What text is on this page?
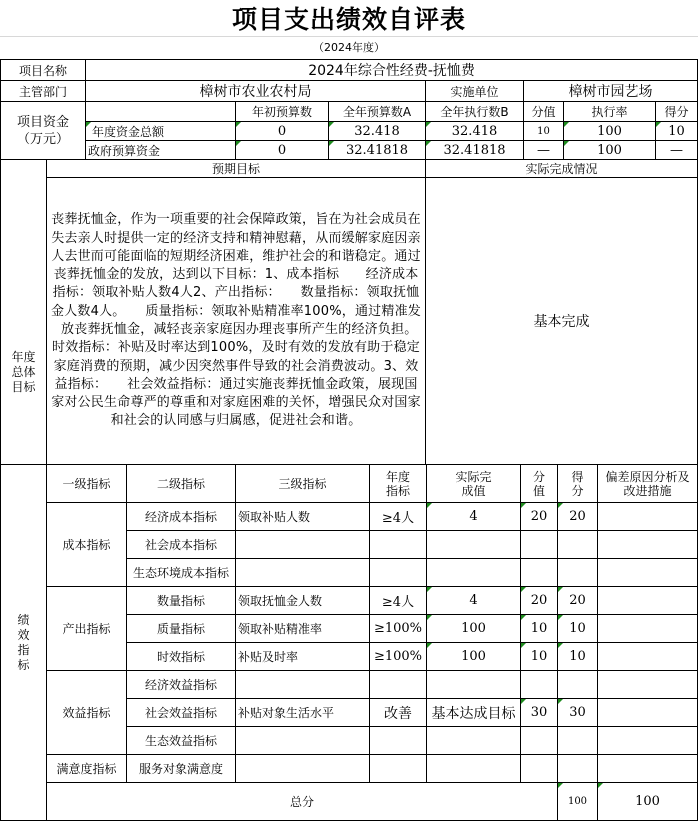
项目支出绩效自评表
（2024年度）
项目名称	2024年综合性经费-抚恤费
主管部门	樟树市农业农村局	实施单位	樟树市园艺场
项目资金（万元）		年初预算数	全年预算数A	全年执行数B	分值	执行率	得分
年度资金总额	0	32.418	32.418	10	100	10
政府预算资金	0	32.41818	32.41818	—	100	—
年度总体目标	预期目标	实际完成情况
丧葬抚恤金，作为一项重要的社会保障政策，旨在为社会成员在失去亲人时提供一定的经济支持和精神慰藉，从而缓解家庭因亲人去世而可能面临的短期经济困难，维护社会的和谐稳定。通过丧葬抚恤金的发放，达到以下目标：1、成本指标　　经济成本指标：领取补贴人数4人2、产出指标：　　数量指标：领取抚恤金人数4人。　　质量指标：领取补贴精准率100%，通过精准发放丧葬抚恤金，减轻丧亲家庭因办理丧事所产生的经济负担。　　时效指标：补贴及时率达到100%，及时有效的发放有助于稳定家庭消费的预期，减少因突然事件导致的社会消费波动。3、效益指标：　　社会效益指标：通过实施丧葬抚恤金政策，展现国家对公民生命尊严的尊重和对家庭困难的关怀，增强民众对国家和社会的认同感与归属感，促进社会和谐。	基本完成
绩效指标
	一级指标	二级指标	三级指标	年度指标	实际完成值	分值	得分	偏差原因分析及改进措施
成本指标	经济成本指标	领取补贴人数	≥4人	4	20	20	
社会成本指标						
生态环境成本指标						
产出指标	数量指标	领取抚恤金人数	≥4人	4	20	20	
质量指标	领取补贴精准率	≥100%	100	10	10	
时效指标	补贴及时率	≥100%	100	10	10	
效益指标	经济效益指标						
社会效益指标	补贴对象生活水平	改善	基本达成目标	30	30	
生态效益指标						
满意度指标	服务对象满意度						
总分	100	100	
